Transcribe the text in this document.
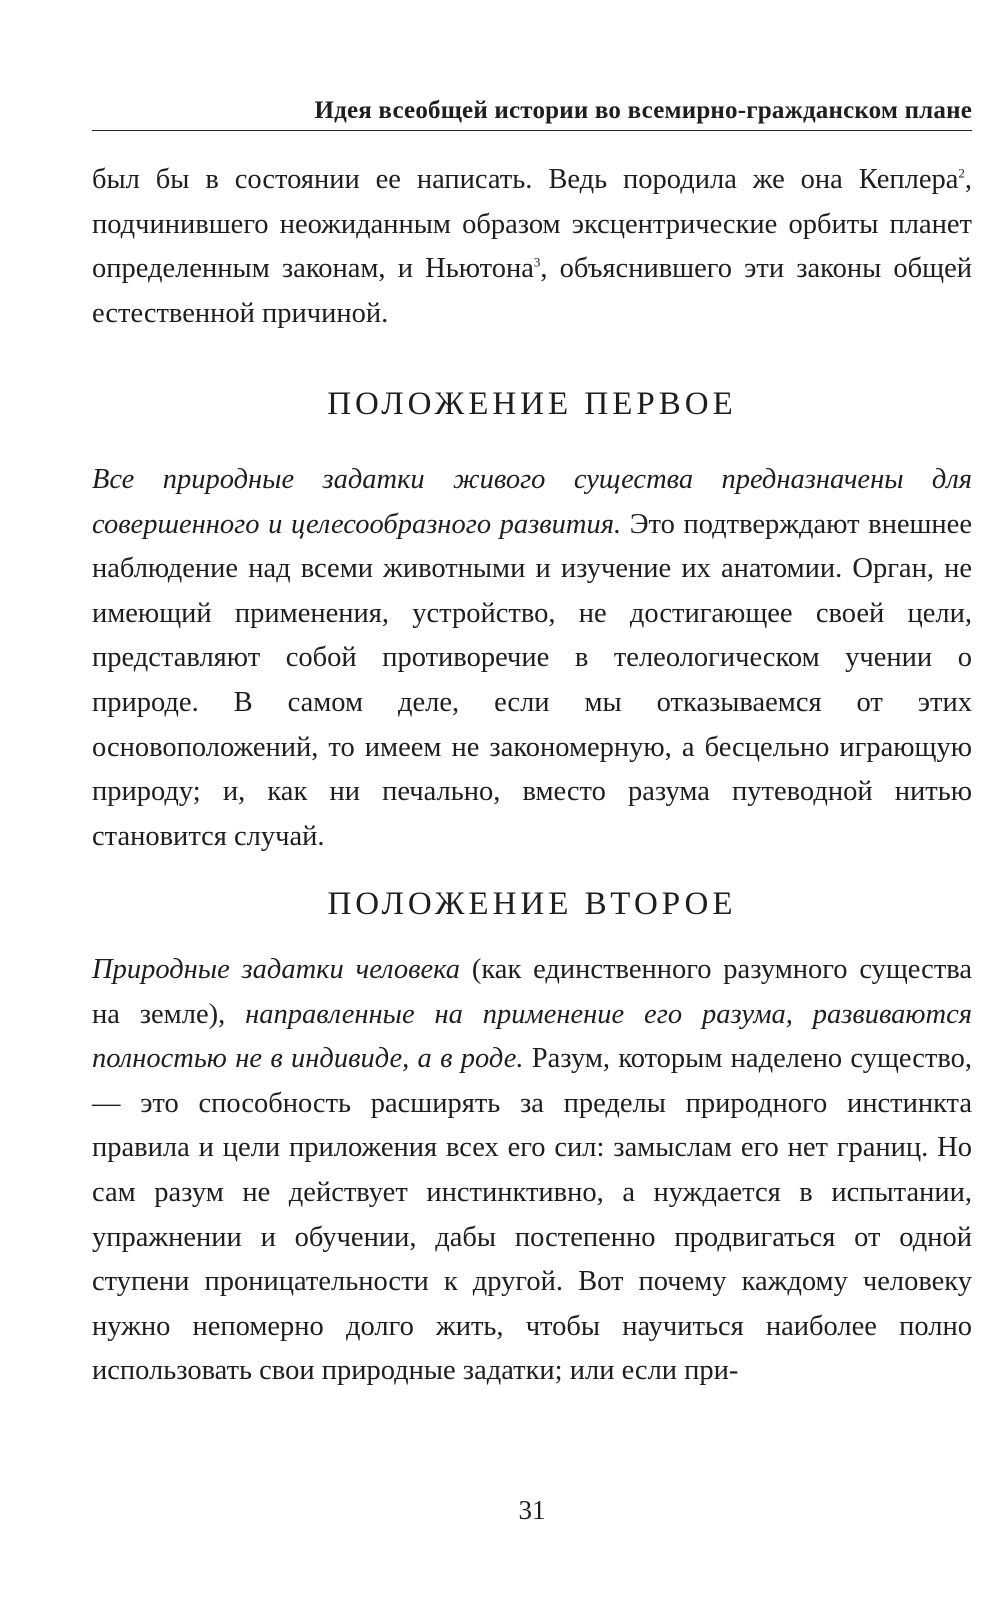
Идея всеобщей истории во всемирно-гражданском плане

был бы в состоянии ее написать. Ведь породила же она Кеплера$^2$, подчинившего неожиданным образом эксцентрические орбиты планет определенным законам, и Ньютона$^3$, объяснившего эти законы общей естественной причиной.

ПОЛОЖЕНИЕ ПЕРВОЕ

Все природные задатки живого существа предназначены для совершенного и целесообразного развития. Это подтверждают внешнее наблюдение над всеми животными и изучение их анатомии. Орган, не имеющий применения, устройство, не достигающее своей цели, представляют собой противоречие в телеологическом учении о природе. В самом деле, если мы отказываемся от этих основоположений, то имеем не закономерную, а бесцельно играющую природу; и, как ни печально, вместо разума путеводной нитью становится случай.

ПОЛОЖЕНИЕ ВТОРОЕ

Природные задатки человека (как единственного разумного существа на земле), направленные на применение его разума, развиваются полностью не в индивиде, а в роде. Разум, которым наделено существо, — это способность расширять за пределы природного инстинкта правила и цели приложения всех его сил: замыслам его нет границ. Но сам разум не действует инстинктивно, а нуждается в испытании, упражнении и обучении, дабы постепенно продвигаться от одной ступени проницательности к другой. Вот почему каждому человеку нужно непомерно долго жить, чтобы научиться наиболее полно использовать свои природные задатки; или если при-

31
